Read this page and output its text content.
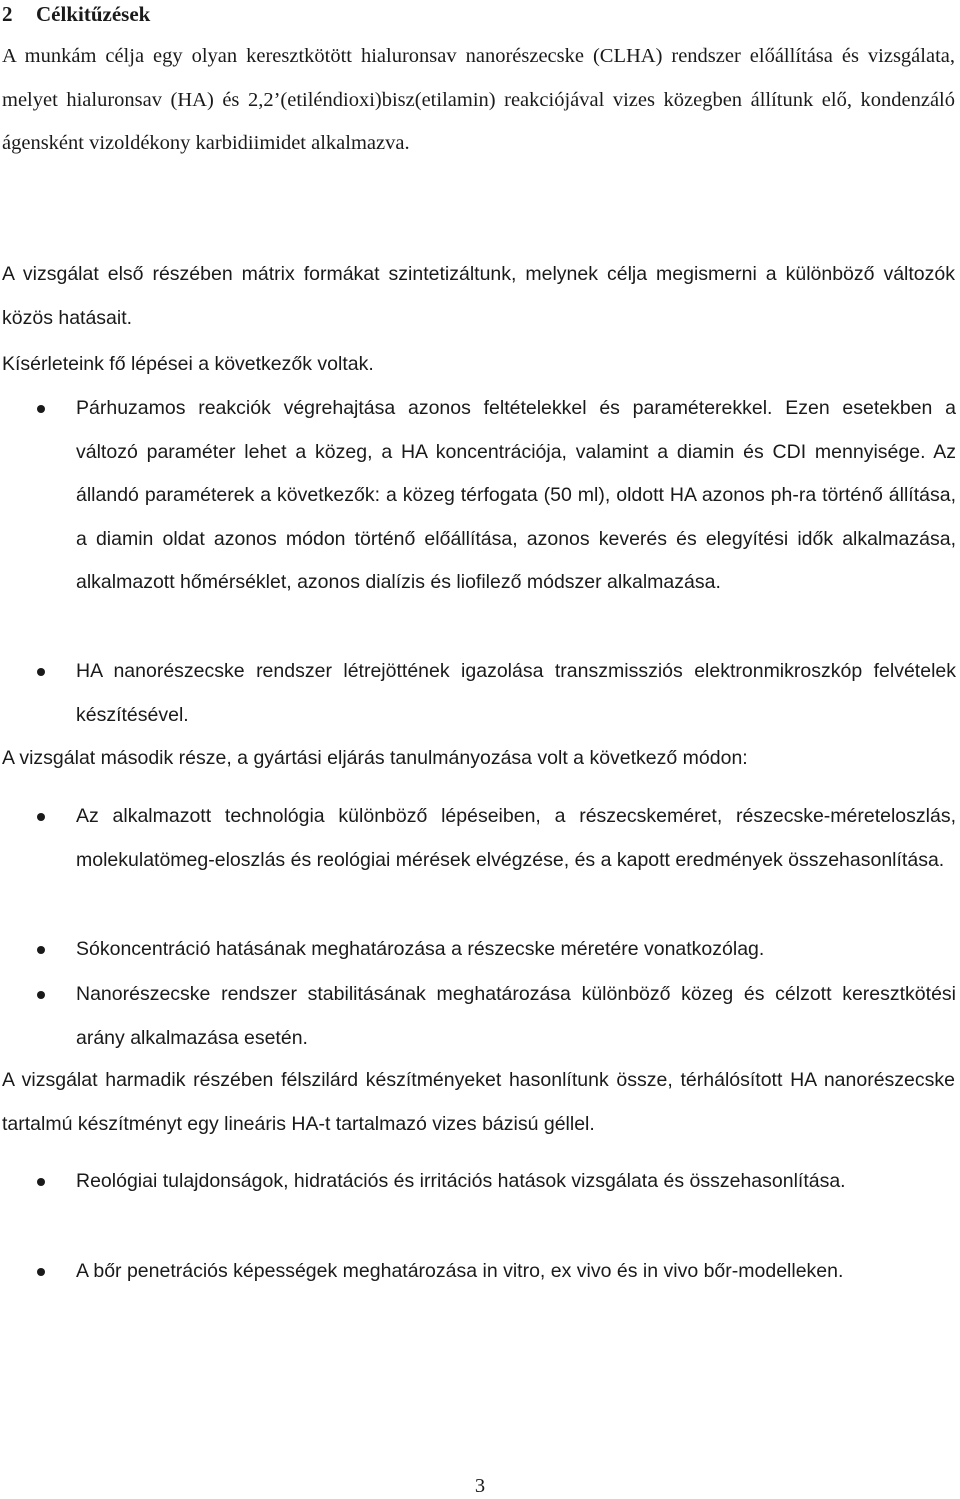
2 Célkitűzések

A munkám célja egy olyan keresztkötött hialuronsav nanorészecske (CLHA) rendszer előállítása és vizsgálata, melyet hialuronsav (HA) és 2,2’(etiléndioxi)bisz(etilamin) reakciójával vizes közegben állítunk elő, kondenzáló ágensként vizoldékony karbidiimidet alkalmazva.

A vizsgálat első részében mátrix formákat szintetizáltunk, melynek célja megismerni a különböző változók közös hatásait.

Kísérleteink fő lépései a következők voltak.

Párhuzamos reakciók végrehajtása azonos feltételekkel és paraméterekkel. Ezen esetekben a változó paraméter lehet a közeg, a HA koncentrációja, valamint a diamin és CDI mennyisége. Az állandó paraméterek a következők: a közeg térfogata (50 ml), oldott HA azonos ph-ra történő állítása, a diamin oldat azonos módon történő előállítása, azonos keverés és elegyítési idők alkalmazása, alkalmazott hőmérséklet, azonos dialízis és liofilező módszer alkalmazása.

HA nanorészecske rendszer létrejöttének igazolása transzmissziós elektronmikroszkóp felvételek készítésével.

A vizsgálat második része, a gyártási eljárás tanulmányozása volt a következő módon:

Az alkalmazott technológia különböző lépéseiben, a részecskeméret, részecske-méreteloszlás, molekulatömeg-eloszlás és reológiai mérések elvégzése, és a kapott eredmények összehasonlítása.

Sókoncentráció hatásának meghatározása a részecske méretére vonatkozólag.

Nanorészecske rendszer stabilitásának meghatározása különböző közeg és célzott keresztkötési arány alkalmazása esetén.

A vizsgálat harmadik részében félszilárd készítményeket hasonlítunk össze, térhálósított HA nanorészecske tartalmú készítményt egy lineáris HA-t tartalmazó vizes bázisú géllel.

Reológiai tulajdonságok, hidratációs és irritációs hatások vizsgálata és összehasonlítása.

A bőr penetrációs képességek meghatározása in vitro, ex vivo és in vivo bőr-modelleken.

3
